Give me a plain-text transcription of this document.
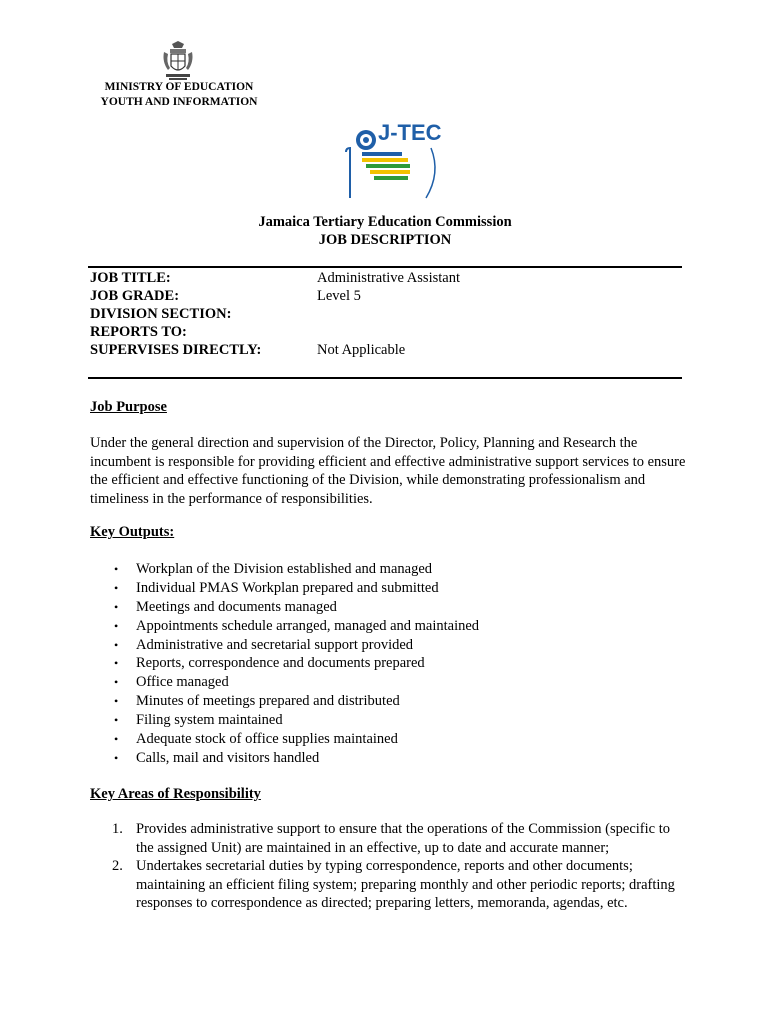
MINISTRY OF EDUCATION
YOUTH AND INFORMATION
J-TEC
Jamaica Tertiary Education Commission
JOB DESCRIPTION
JOB TITLE:	Administrative Assistant
JOB GRADE:	Level 5
DIVISION SECTION:
REPORTS TO:
SUPERVISES DIRECTLY:	Not Applicable
Job Purpose
Under the general direction and supervision of the Director, Policy, Planning and Research the incumbent is responsible for providing efficient and effective administrative support services to ensure the efficient and effective functioning of the Division, while demonstrating professionalism and timeliness in the performance of responsibilities.
Key Outputs:
• Workplan of the Division established and managed
• Individual PMAS Workplan prepared and submitted
• Meetings and documents managed
• Appointments schedule arranged, managed and maintained
• Administrative and secretarial support provided
• Reports, correspondence and documents prepared
• Office managed
• Minutes of meetings prepared and distributed
• Filing system maintained
• Adequate stock of office supplies maintained
• Calls, mail and visitors handled
Key Areas of Responsibility
1. Provides administrative support to ensure that the operations of the Commission (specific to the assigned Unit) are maintained in an effective, up to date and accurate manner;
2. Undertakes secretarial duties by typing correspondence, reports and other documents; maintaining an efficient filing system; preparing monthly and other periodic reports; drafting responses to correspondence as directed; preparing letters, memoranda, agendas, etc.
